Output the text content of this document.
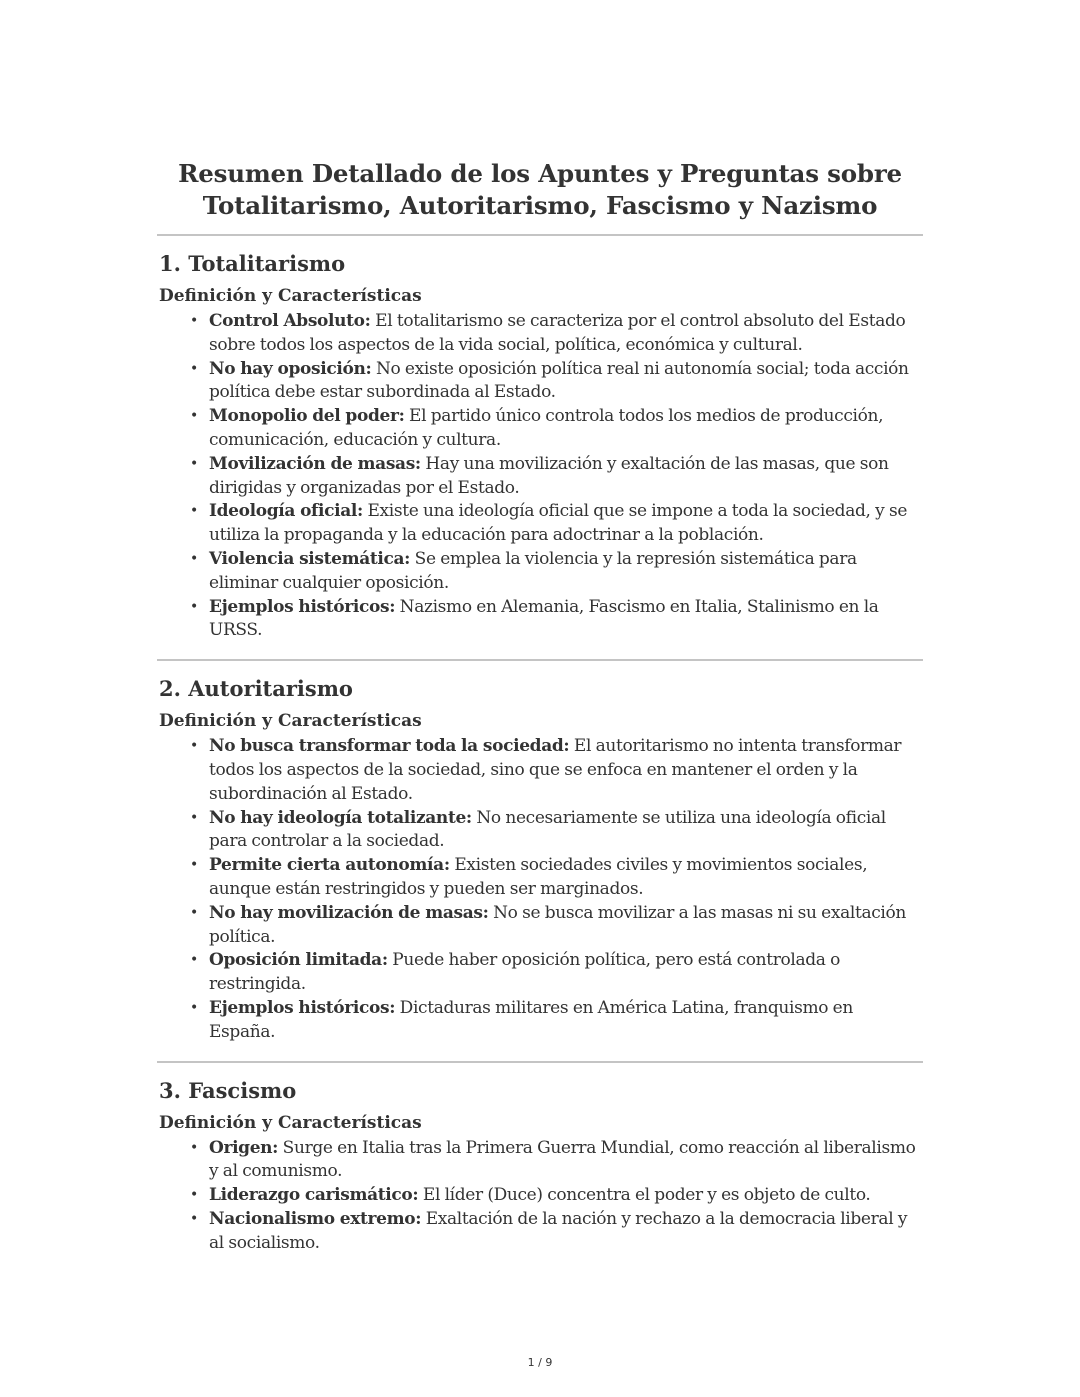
Resumen Detallado de los Apuntes y Preguntas sobre
Totalitarismo, Autoritarismo, Fascismo y Nazismo
1. Totalitarismo
Definición y Características
• Control Absoluto: El totalitarismo se caracteriza por el control absoluto del Estado sobre todos los aspectos de la vida social, política, económica y cultural.
• No hay oposición: No existe oposición política real ni autonomía social; toda acción política debe estar subordinada al Estado.
• Monopolio del poder: El partido único controla todos los medios de producción, comunicación, educación y cultura.
• Movilización de masas: Hay una movilización y exaltación de las masas, que son dirigidas y organizadas por el Estado.
• Ideología oficial: Existe una ideología oficial que se impone a toda la sociedad, y se utiliza la propaganda y la educación para adoctrinar a la población.
• Violencia sistemática: Se emplea la violencia y la represión sistemática para eliminar cualquier oposición.
• Ejemplos históricos: Nazismo en Alemania, Fascismo en Italia, Stalinismo en la URSS.
2. Autoritarismo
Definición y Características
• No busca transformar toda la sociedad: El autoritarismo no intenta transformar todos los aspectos de la sociedad, sino que se enfoca en mantener el orden y la subordinación al Estado.
• No hay ideología totalizante: No necesariamente se utiliza una ideología oficial para controlar a la sociedad.
• Permite cierta autonomía: Existen sociedades civiles y movimientos sociales, aunque están restringidos y pueden ser marginados.
• No hay movilización de masas: No se busca movilizar a las masas ni su exaltación política.
• Oposición limitada: Puede haber oposición política, pero está controlada o restringida.
• Ejemplos históricos: Dictaduras militares en América Latina, franquismo en España.
3. Fascismo
Definición y Características
• Origen: Surge en Italia tras la Primera Guerra Mundial, como reacción al liberalismo y al comunismo.
• Liderazgo carismático: El líder (Duce) concentra el poder y es objeto de culto.
• Nacionalismo extremo: Exaltación de la nación y rechazo a la democracia liberal y al socialismo.
1 / 9
